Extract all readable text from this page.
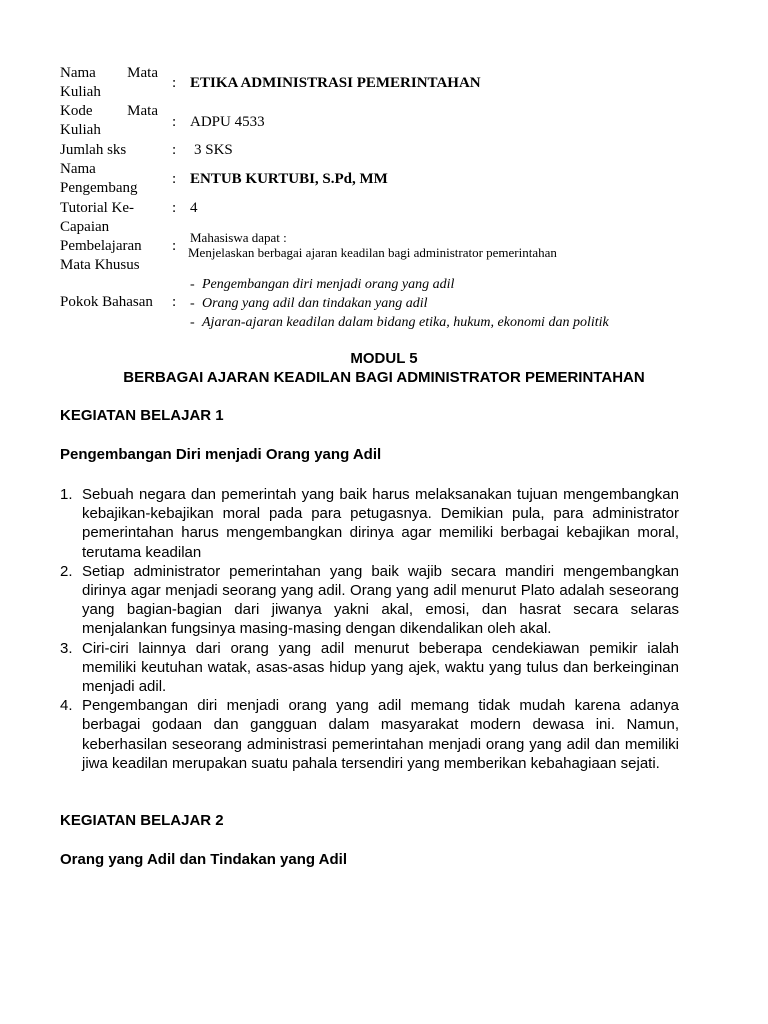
Nama Mata
Kuliah
: ETIKA ADMINISTRASI PEMERINTAHAN
Kode Mata
Kuliah	: ADPU 4533
Jumlah sks	: 3 SKS
Nama
Pengembang
: ENTUB KURTUBI, S.Pd, MM
Tutorial Ke-	: 4
Capaian
Pembelajaran
Mata Khusus
:
Mahasiswa dapat :
Menjelaskan berbagai ajaran keadilan bagi administrator pemerintahan
Pokok Bahasan	:
- Pengembangan diri menjadi orang yang adil
- Orang yang adil dan tindakan yang adil
- Ajaran-ajaran keadilan dalam bidang etika, hukum, ekonomi dan politik
MODUL 5
BERBAGAI AJARAN KEADILAN BAGI ADMINISTRATOR PEMERINTAHAN
KEGIATAN BELAJAR 1
Pengembangan Diri menjadi Orang yang Adil
1. Sebuah negara dan pemerintah yang baik harus melaksanakan tujuan mengembangkan kebajikan-kebajikan moral pada para petugasnya. Demikian pula, para administrator pemerintahan harus mengembangkan dirinya agar memiliki berbagai kebajikan moral, terutama keadilan
2. Setiap administrator pemerintahan yang baik wajib secara mandiri mengembangkan dirinya agar menjadi seorang yang adil. Orang yang adil menurut Plato adalah seseorang yang bagian-bagian dari jiwanya yakni akal, emosi, dan hasrat secara selaras menjalankan fungsinya masing-masing dengan dikendalikan oleh akal.
3. Ciri-ciri lainnya dari orang yang adil menurut beberapa cendekiawan pemikir ialah memiliki keutuhan watak, asas-asas hidup yang ajek, waktu yang tulus dan berkeinginan menjadi adil.
4. Pengembangan diri menjadi orang yang adil memang tidak mudah karena adanya berbagai godaan dan gangguan dalam masyarakat modern dewasa ini. Namun, keberhasilan seseorang administrasi pemerintahan menjadi orang yang adil dan memiliki jiwa keadilan merupakan suatu pahala tersendiri yang memberikan kebahagiaan sejati.
KEGIATAN BELAJAR 2
Orang yang Adil dan Tindakan yang Adil
